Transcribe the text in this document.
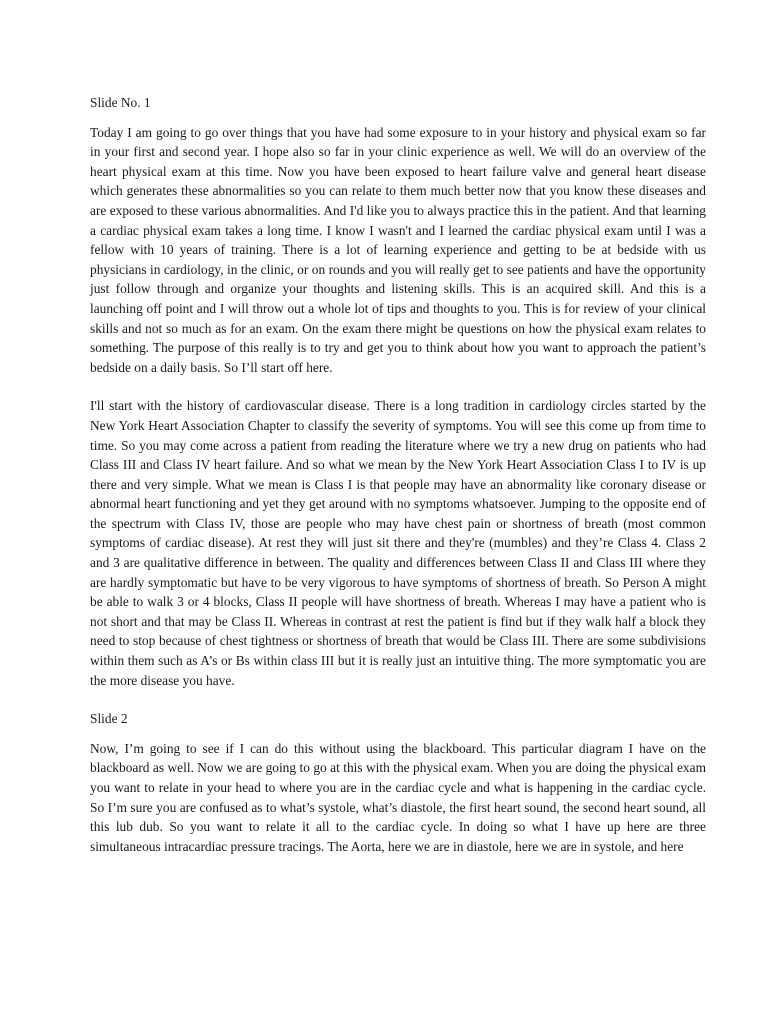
Slide No. 1
Today I am going to go over things that you have had some exposure to in your history and physical exam so far in your first and second year. I hope also so far in your clinic experience as well. We will do an overview of the heart physical exam at this time. Now you have been exposed to heart failure valve and general heart disease which generates these abnormalities so you can relate to them much better now that you know these diseases and are exposed to these various abnormalities. And I'd like you to always practice this in the patient. And that learning a cardiac physical exam takes a long time. I know I wasn't and I learned the cardiac physical exam until I was a fellow with 10 years of training. There is a lot of learning experience and getting to be at bedside with us physicians in cardiology, in the clinic, or on rounds and you will really get to see patients and have the opportunity just follow through and organize your thoughts and listening skills. This is an acquired skill. And this is a launching off point and I will throw out a whole lot of tips and thoughts to you. This is for review of your clinical skills and not so much as for an exam. On the exam there might be questions on how the physical exam relates to something. The purpose of this really is to try and get you to think about how you want to approach the patient’s bedside on a daily basis. So I’ll start off here.
I'll start with the history of cardiovascular disease. There is a long tradition in cardiology circles started by the New York Heart Association Chapter to classify the severity of symptoms. You will see this come up from time to time. So you may come across a patient from reading the literature where we try a new drug on patients who had Class III and Class IV heart failure. And so what we mean by the New York Heart Association Class I to IV is up there and very simple. What we mean is Class I is that people may have an abnormality like coronary disease or abnormal heart functioning and yet they get around with no symptoms whatsoever. Jumping to the opposite end of the spectrum with Class IV, those are people who may have chest pain or shortness of breath (most common symptoms of cardiac disease). At rest they will just sit there and they're (mumbles) and they’re Class 4. Class 2 and 3 are qualitative difference in between. The quality and differences between Class II and Class III where they are hardly symptomatic but have to be very vigorous to have symptoms of shortness of breath. So Person A might be able to walk 3 or 4 blocks, Class II people will have shortness of breath. Whereas I may have a patient who is not short and that may be Class II. Whereas in contrast at rest the patient is find but if they walk half a block they need to stop because of chest tightness or shortness of breath that would be Class III. There are some subdivisions within them such as A’s or Bs within class III but it is really just an intuitive thing. The more symptomatic you are the more disease you have.
Slide 2
Now, I’m going to see if I can do this without using the blackboard. This particular diagram I have on the blackboard as well. Now we are going to go at this with the physical exam. When you are doing the physical exam you want to relate in your head to where you are in the cardiac cycle and what is happening in the cardiac cycle. So I’m sure you are confused as to what’s systole, what’s diastole, the first heart sound, the second heart sound, all this lub dub. So you want to relate it all to the cardiac cycle. In doing so what I have up here are three simultaneous intracardiac pressure tracings. The Aorta, here we are in diastole, here we are in systole, and here
